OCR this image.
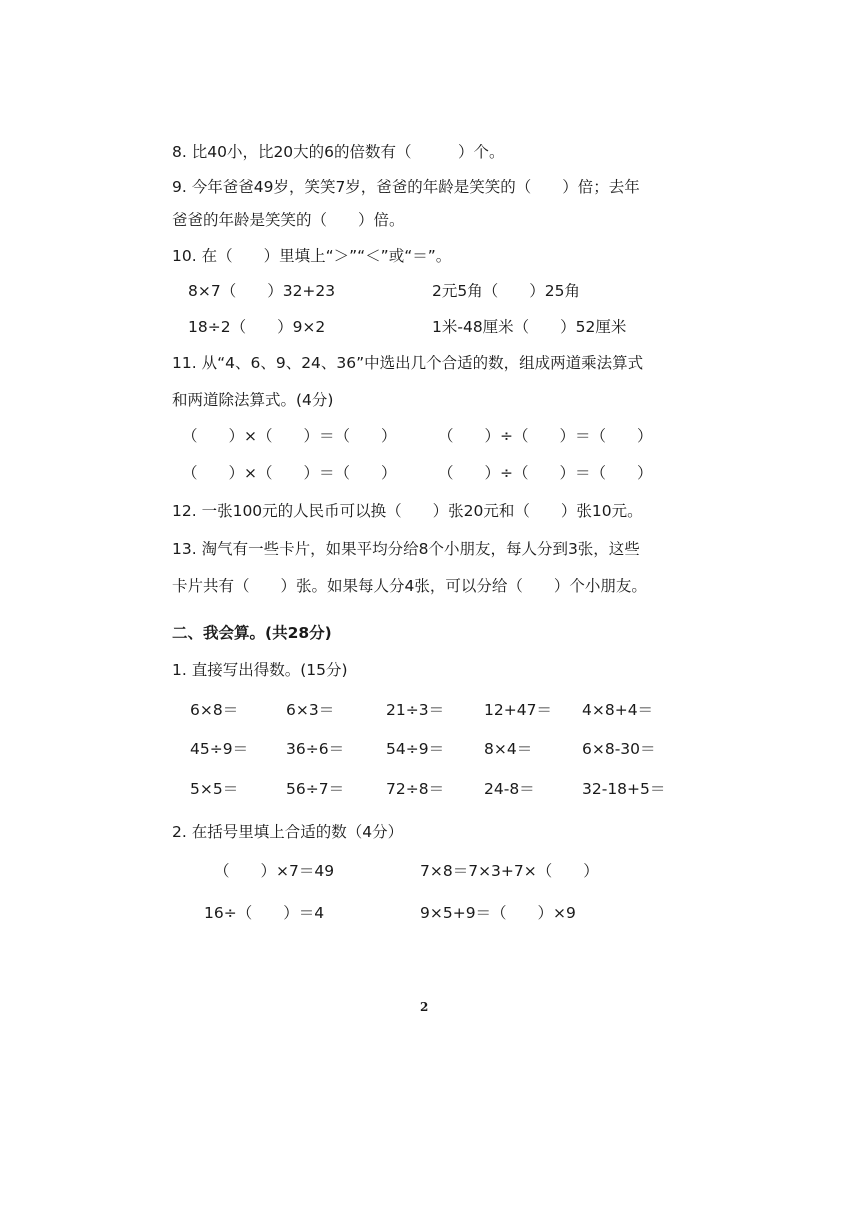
8. 比40小，比20大的6的倍数有（　　　）个。
9. 今年爸爸49岁，笑笑7岁，爸爸的年龄是笑笑的（　　）倍；去年
爸爸的年龄是笑笑的（　　）倍。
10. 在（　　）里填上“＞”“＜”或“＝”。
8×7（　　）32+23	2元5角（　　）25角
18÷2（　　）9×2	1米-48厘米（　　）52厘米
11. 从“4、6、9、24、36”中选出几个合适的数，组成两道乘法算式
和两道除法算式。(4分)
（　　）×（　　）＝（　　）	（　　）÷（　　）＝（　　）
（　　）×（　　）＝（　　）	（　　）÷（　　）＝（　　）
12. 一张100元的人民币可以换（　　）张20元和（　　）张10元。
13. 淘气有一些卡片，如果平均分给8个小朋友，每人分到3张，这些
卡片共有（　　）张。如果每人分4张，可以分给（　　）个小朋友。
二、我会算。(共28分)
1. 直接写出得数。(15分)
6×8＝	6×3＝	21÷3＝	12+47＝	4×8+4＝
45÷9＝	36÷6＝	54÷9＝	8×4＝	6×8-30＝
5×5＝	56÷7＝	72÷8＝	24-8＝	32-18+5＝
2. 在括号里填上合适的数（4分）
（　　）×7＝49	7×8＝7×3+7×（　　）
16÷（　　）＝4	9×5+9＝（　　）×9
2
